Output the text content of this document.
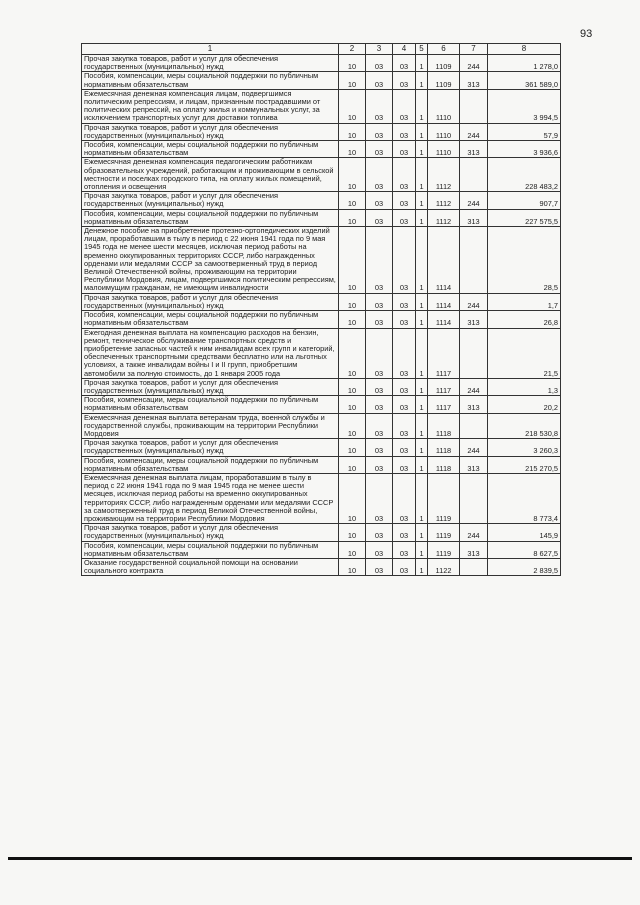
93
1	2	3	4	5	6	7	8
Прочая закупка товаров, работ и услуг для обеспечения государственных (муниципальных) нужд	10	03	03	1	1109	244	1 278,0
Пособия, компенсации, меры социальной поддержки по публичным нормативным обязательствам	10	03	03	1	1109	313	361 589,0
Ежемесячная денежная компенсация лицам, подвергшимся политическим репрессиям, и лицам, признанным пострадавшими от политических репрессий, на оплату жилья и коммунальных услуг, за исключением транспортных услуг для доставки топлива	10	03	03	1	1110		3 994,5
Прочая закупка товаров, работ и услуг для обеспечения государственных (муниципальных) нужд	10	03	03	1	1110	244	57,9
Пособия, компенсации, меры социальной поддержки по публичным нормативным обязательствам	10	03	03	1	1110	313	3 936,6
Ежемесячная денежная компенсация педагогическим работникам образовательных учреждений, работающим и проживающим в сельской местности и поселках городского типа, на оплату жилых помещений, отопления и освещения	10	03	03	1	1112		228 483,2
Прочая закупка товаров, работ и услуг для обеспечения государственных (муниципальных) нужд	10	03	03	1	1112	244	907,7
Пособия, компенсации, меры социальной поддержки по публичным нормативным обязательствам	10	03	03	1	1112	313	227 575,5
Денежное пособие на приобретение протезно-ортопедических изделий лицам, проработавшим в тылу в период с 22 июня 1941 года по 9 мая 1945 года не менее шести месяцев, исключая период работы на временно оккупированных территориях СССР, либо награжденных орденами или медалями СССР за самоотверженный труд в период Великой Отечественной войны, проживающим на территории Республики Мордовия, лицам, подвергшимся политическим репрессиям, малоимущим гражданам, не имеющим инвалидности	10	03	03	1	1114		28,5
Прочая закупка товаров, работ и услуг для обеспечения государственных (муниципальных) нужд	10	03	03	1	1114	244	1,7
Пособия, компенсации, меры социальной поддержки по публичным нормативным обязательствам	10	03	03	1	1114	313	26,8
Ежегодная денежная выплата на компенсацию расходов на бензин, ремонт, техническое обслуживание транспортных средств и приобретение запасных частей к ним инвалидам всех групп и категорий, обеспеченных транспортными средствами бесплатно или на льготных условиях, а также инвалидам войны I и II групп, приобретшим автомобили за полную стоимость, до 1 января 2005 года	10	03	03	1	1117		21,5
Прочая закупка товаров, работ и услуг для обеспечения государственных (муниципальных) нужд	10	03	03	1	1117	244	1,3
Пособия, компенсации, меры социальной поддержки по публичным нормативным обязательствам	10	03	03	1	1117	313	20,2
Ежемесячная денежная выплата ветеранам труда, военной службы и государственной службы, проживающим на территории Республики Мордовия	10	03	03	1	1118		218 530,8
Прочая закупка товаров, работ и услуг для обеспечения государственных (муниципальных) нужд	10	03	03	1	1118	244	3 260,3
Пособия, компенсации, меры социальной поддержки по публичным нормативным обязательствам	10	03	03	1	1118	313	215 270,5
Ежемесячная денежная выплата лицам, проработавшим в тылу в период с 22 июня 1941 года по 9 мая 1945 года не менее шести месяцев, исключая период работы на временно оккупированных территориях СССР, либо награжденным орденами или медалями СССР за самоотверженный труд в период Великой Отечественной войны, проживающим на территории Республики Мордовия	10	03	03	1	1119		8 773,4
Прочая закупка товаров, работ и услуг для обеспечения государственных (муниципальных) нужд	10	03	03	1	1119	244	145,9
Пособия, компенсации, меры социальной поддержки по публичным нормативным обязательствам	10	03	03	1	1119	313	8 627,5
Оказание государственной социальной помощи на основании социального контракта	10	03	03	1	1122		2 839,5
